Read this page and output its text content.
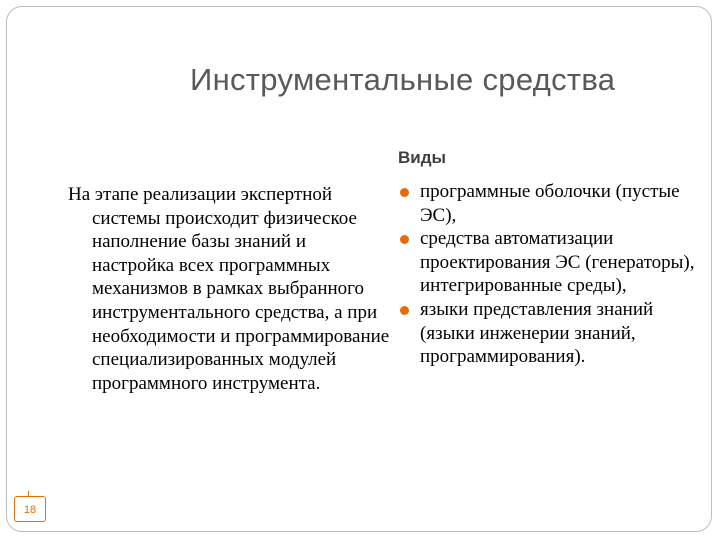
Инструментальные средства
Виды
На этапе реализации экспертной системы происходит физическое наполнение базы знаний и настройка всех программных механизмов в рамках выбранного инструментального средства, а при необходимости и программирование специализированных модулей программного инструмента.
программные оболочки (пустые ЭС),
средства автоматизации проектирования ЭС (генераторы), интегрированные среды),
языки представления знаний (языки инженерии знаний, программирования).
18
